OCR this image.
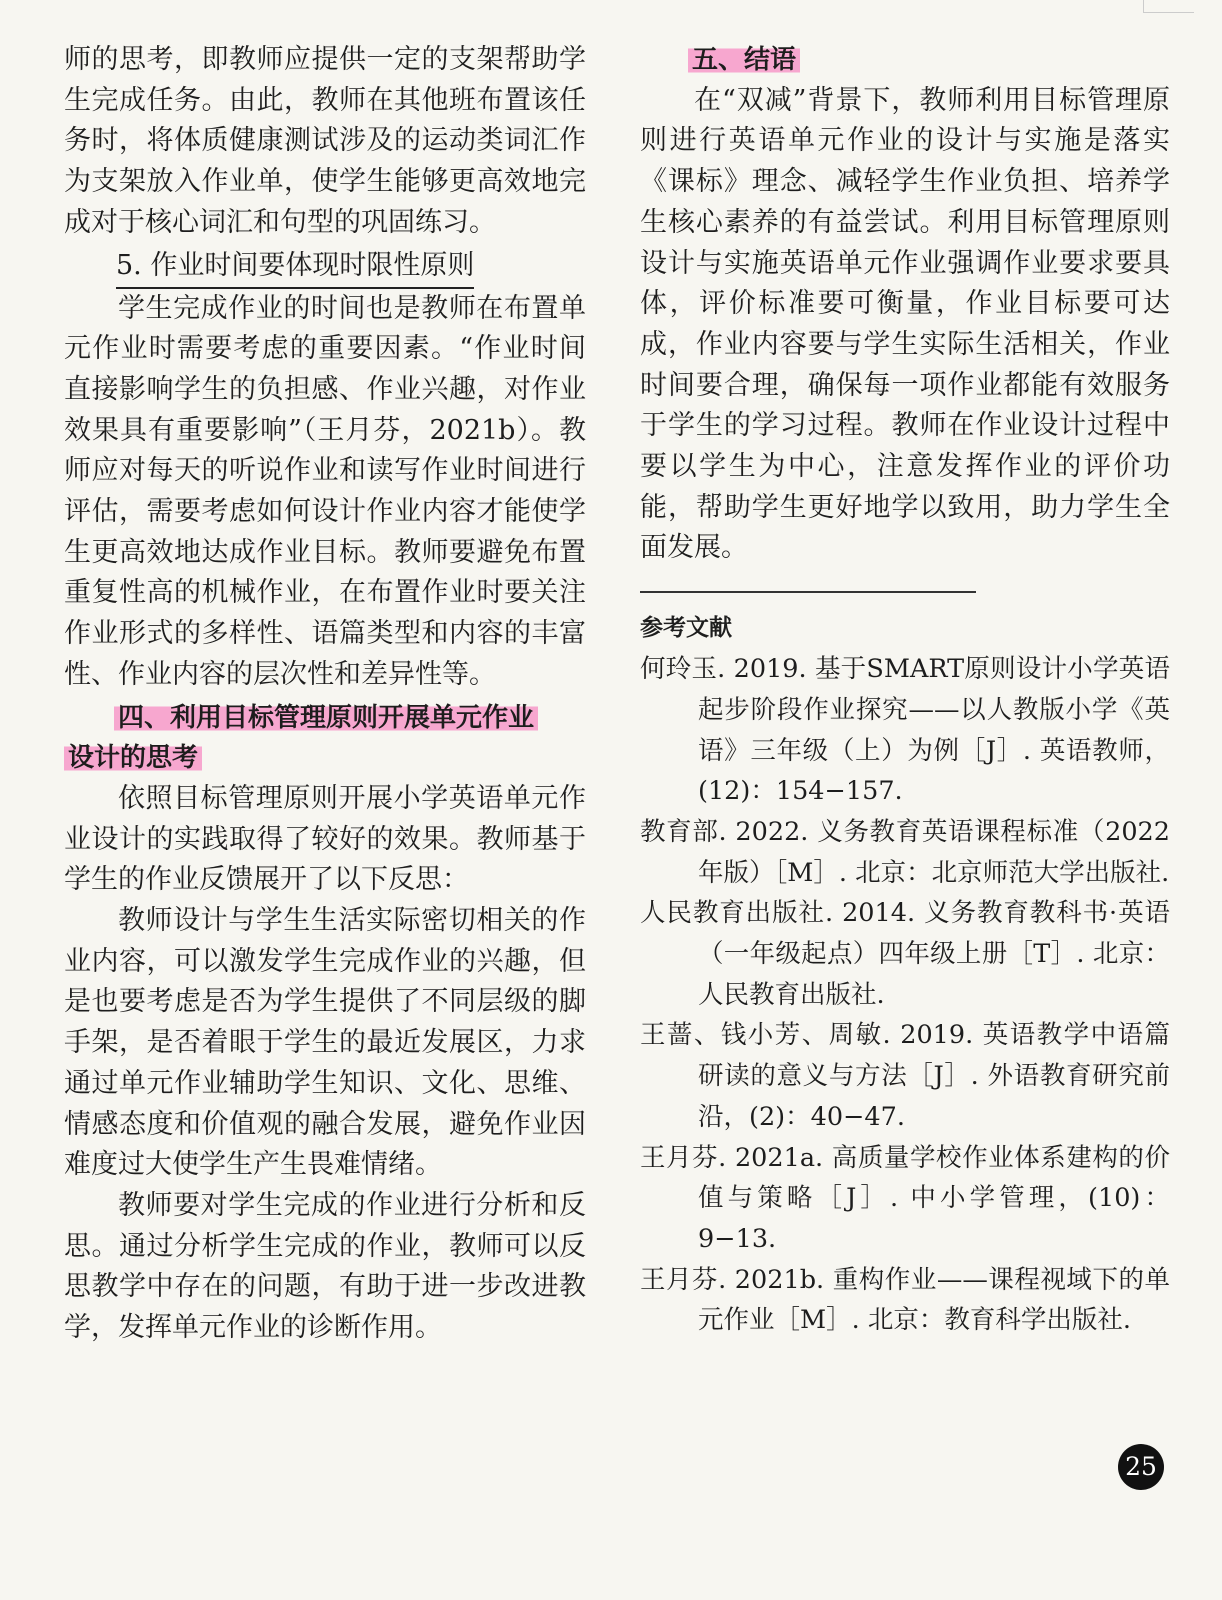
师的思考，即教师应提供一定的支架帮助学生完成任务。由此，教师在其他班布置该任务时，将体质健康测试涉及的运动类词汇作为支架放入作业单，使学生能够更高效地完成对于核心词汇和句型的巩固练习。

5. 作业时间要体现时限性原则

学生完成作业的时间也是教师在布置单元作业时需要考虑的重要因素。“作业时间直接影响学生的负担感、作业兴趣，对作业效果具有重要影响”（王月芬，2021b）。教师应对每天的听说作业和读写作业时间进行评估，需要考虑如何设计作业内容才能使学生更高效地达成作业目标。教师要避免布置重复性高的机械作业，在布置作业时要关注作业形式的多样性、语篇类型和内容的丰富性、作业内容的层次性和差异性等。

四、利用目标管理原则开展单元作业
设计的思考

依照目标管理原则开展小学英语单元作业设计的实践取得了较好的效果。教师基于学生的作业反馈展开了以下反思：

教师设计与学生生活实际密切相关的作业内容，可以激发学生完成作业的兴趣，但是也要考虑是否为学生提供了不同层级的脚手架，是否着眼于学生的最近发展区，力求通过单元作业辅助学生知识、文化、思维、情感态度和价值观的融合发展，避免作业因难度过大使学生产生畏难情绪。

教师要对学生完成的作业进行分析和反思。通过分析学生完成的作业，教师可以反思教学中存在的问题，有助于进一步改进教学，发挥单元作业的诊断作用。

五、结语

在“双减”背景下，教师利用目标管理原则进行英语单元作业的设计与实施是落实《课标》理念、减轻学生作业负担、培养学生核心素养的有益尝试。利用目标管理原则设计与实施英语单元作业强调作业要求要具体，评价标准要可衡量，作业目标要可达成，作业内容要与学生实际生活相关，作业时间要合理，确保每一项作业都能有效服务于学生的学习过程。教师在作业设计过程中要以学生为中心，注意发挥作业的评价功能，帮助学生更好地学以致用，助力学生全面发展。

参考文献

何玲玉. 2019. 基于SMART原则设计小学英语起步阶段作业探究——以人教版小学《英语》三年级（上）为例［J］. 英语教师，(12)：154−157.

教育部. 2022. 义务教育英语课程标准（2022年版）［M］. 北京：北京师范大学出版社.

人民教育出版社. 2014. 义务教育教科书·英语（一年级起点）四年级上册［T］. 北京：人民教育出版社.

王蔷、钱小芳、周敏. 2019. 英语教学中语篇研读的意义与方法［J］. 外语教育研究前沿，(2)：40−47.

王月芬. 2021a. 高质量学校作业体系建构的价值与策略［J］. 中小学管理，(10)：9−13.

王月芬. 2021b. 重构作业——课程视域下的单元作业［M］. 北京：教育科学出版社.

25
